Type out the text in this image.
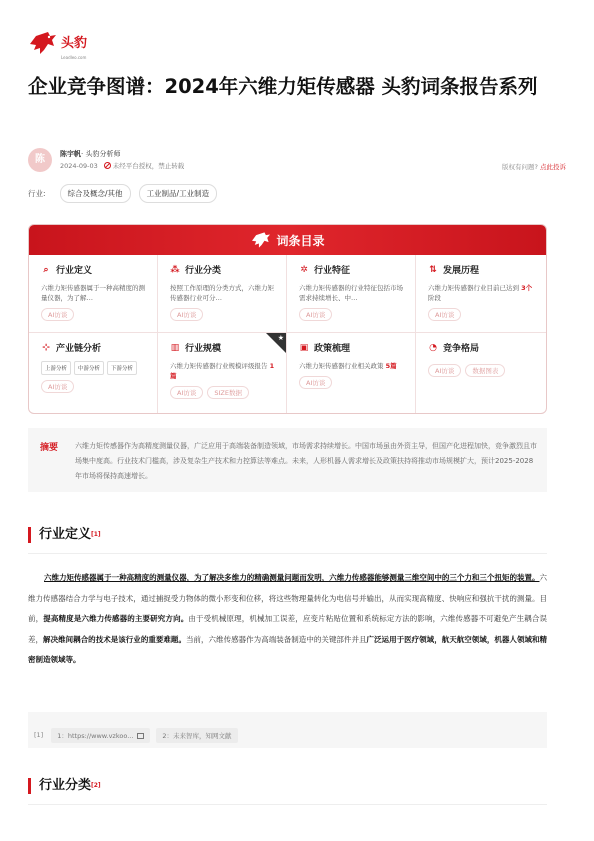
头豹
Leadleo.com
企业竞争图谱：2024年六维力矩传感器 头豹词条报告系列
陈	陈宇帆· 头豹分析师
2024-09-03 未经平台授权，禁止转载	版权有问题? 点此投诉
行业:	综合及概念/其他	工业制品/工业制造
词条目录
⌕ 行业定义
六维力矩传感器属于一种高精度的测量仪器，为了解…
AI访谈
⁂ 行业分类
按照工作原理的分类方式，六维力矩传感器行业可分…
AI访谈
✲ 行业特征
六维力矩传感器的行业特征包括市场需求持续增长、中…
AI访谈
⇅ 发展历程
六维力矩传感器行业目前已达到 3个阶段
AI访谈
⊹ 产业链分析
上游分析	中游分析	下游分析
AI访谈
★
▥ 行业规模
六维力矩传感器行业规模评级报告 1篇
AI访谈	SIZE数据
▣ 政策梳理
六维力矩传感器行业相关政策 5篇
AI访谈
◔ 竞争格局
AI访谈	数据图表
摘要 六维力矩传感器作为高精度测量仪器，广泛应用于高端装备制造领域，市场需求持续增长。中国市场虽由外资主导，但国产化进程加快，竞争激烈且市场集中度高。行业技术门槛高，涉及复杂生产技术和力控算法等难点。未来，人形机器人需求增长及政策扶持将推动市场规模扩大，预计2025-2028年市场将保持高速增长。
行业定义[1]
六维力矩传感器属于一种高精度的测量仪器，为了解决多维力的精确测量问题而发明，六维力传感器能够测量三维空间中的三个力和三个扭矩的装置。六维力传感器结合力学与电子技术，通过捕捉受力物体的微小形变和位移，将这些物理量转化为电信号并输出，从而实现高精度、快响应和强抗干扰的测量。目前，提高精度是六维力传感器的主要研究方向。由于受机械原理，机械加工误差，应变片粘贴位置和系统标定方法的影响，六维传感器不可避免产生耦合误差，解决维间耦合的技术是该行业的重要难题。当前，六维传感器作为高端装备制造中的关键部件并且广泛运用于医疗领域，航天航空领域，机器人领域和精密制造领域等。
[1]	1：https://www.vzkoo...	2：未来智库，知网文献
行业分类[2]
